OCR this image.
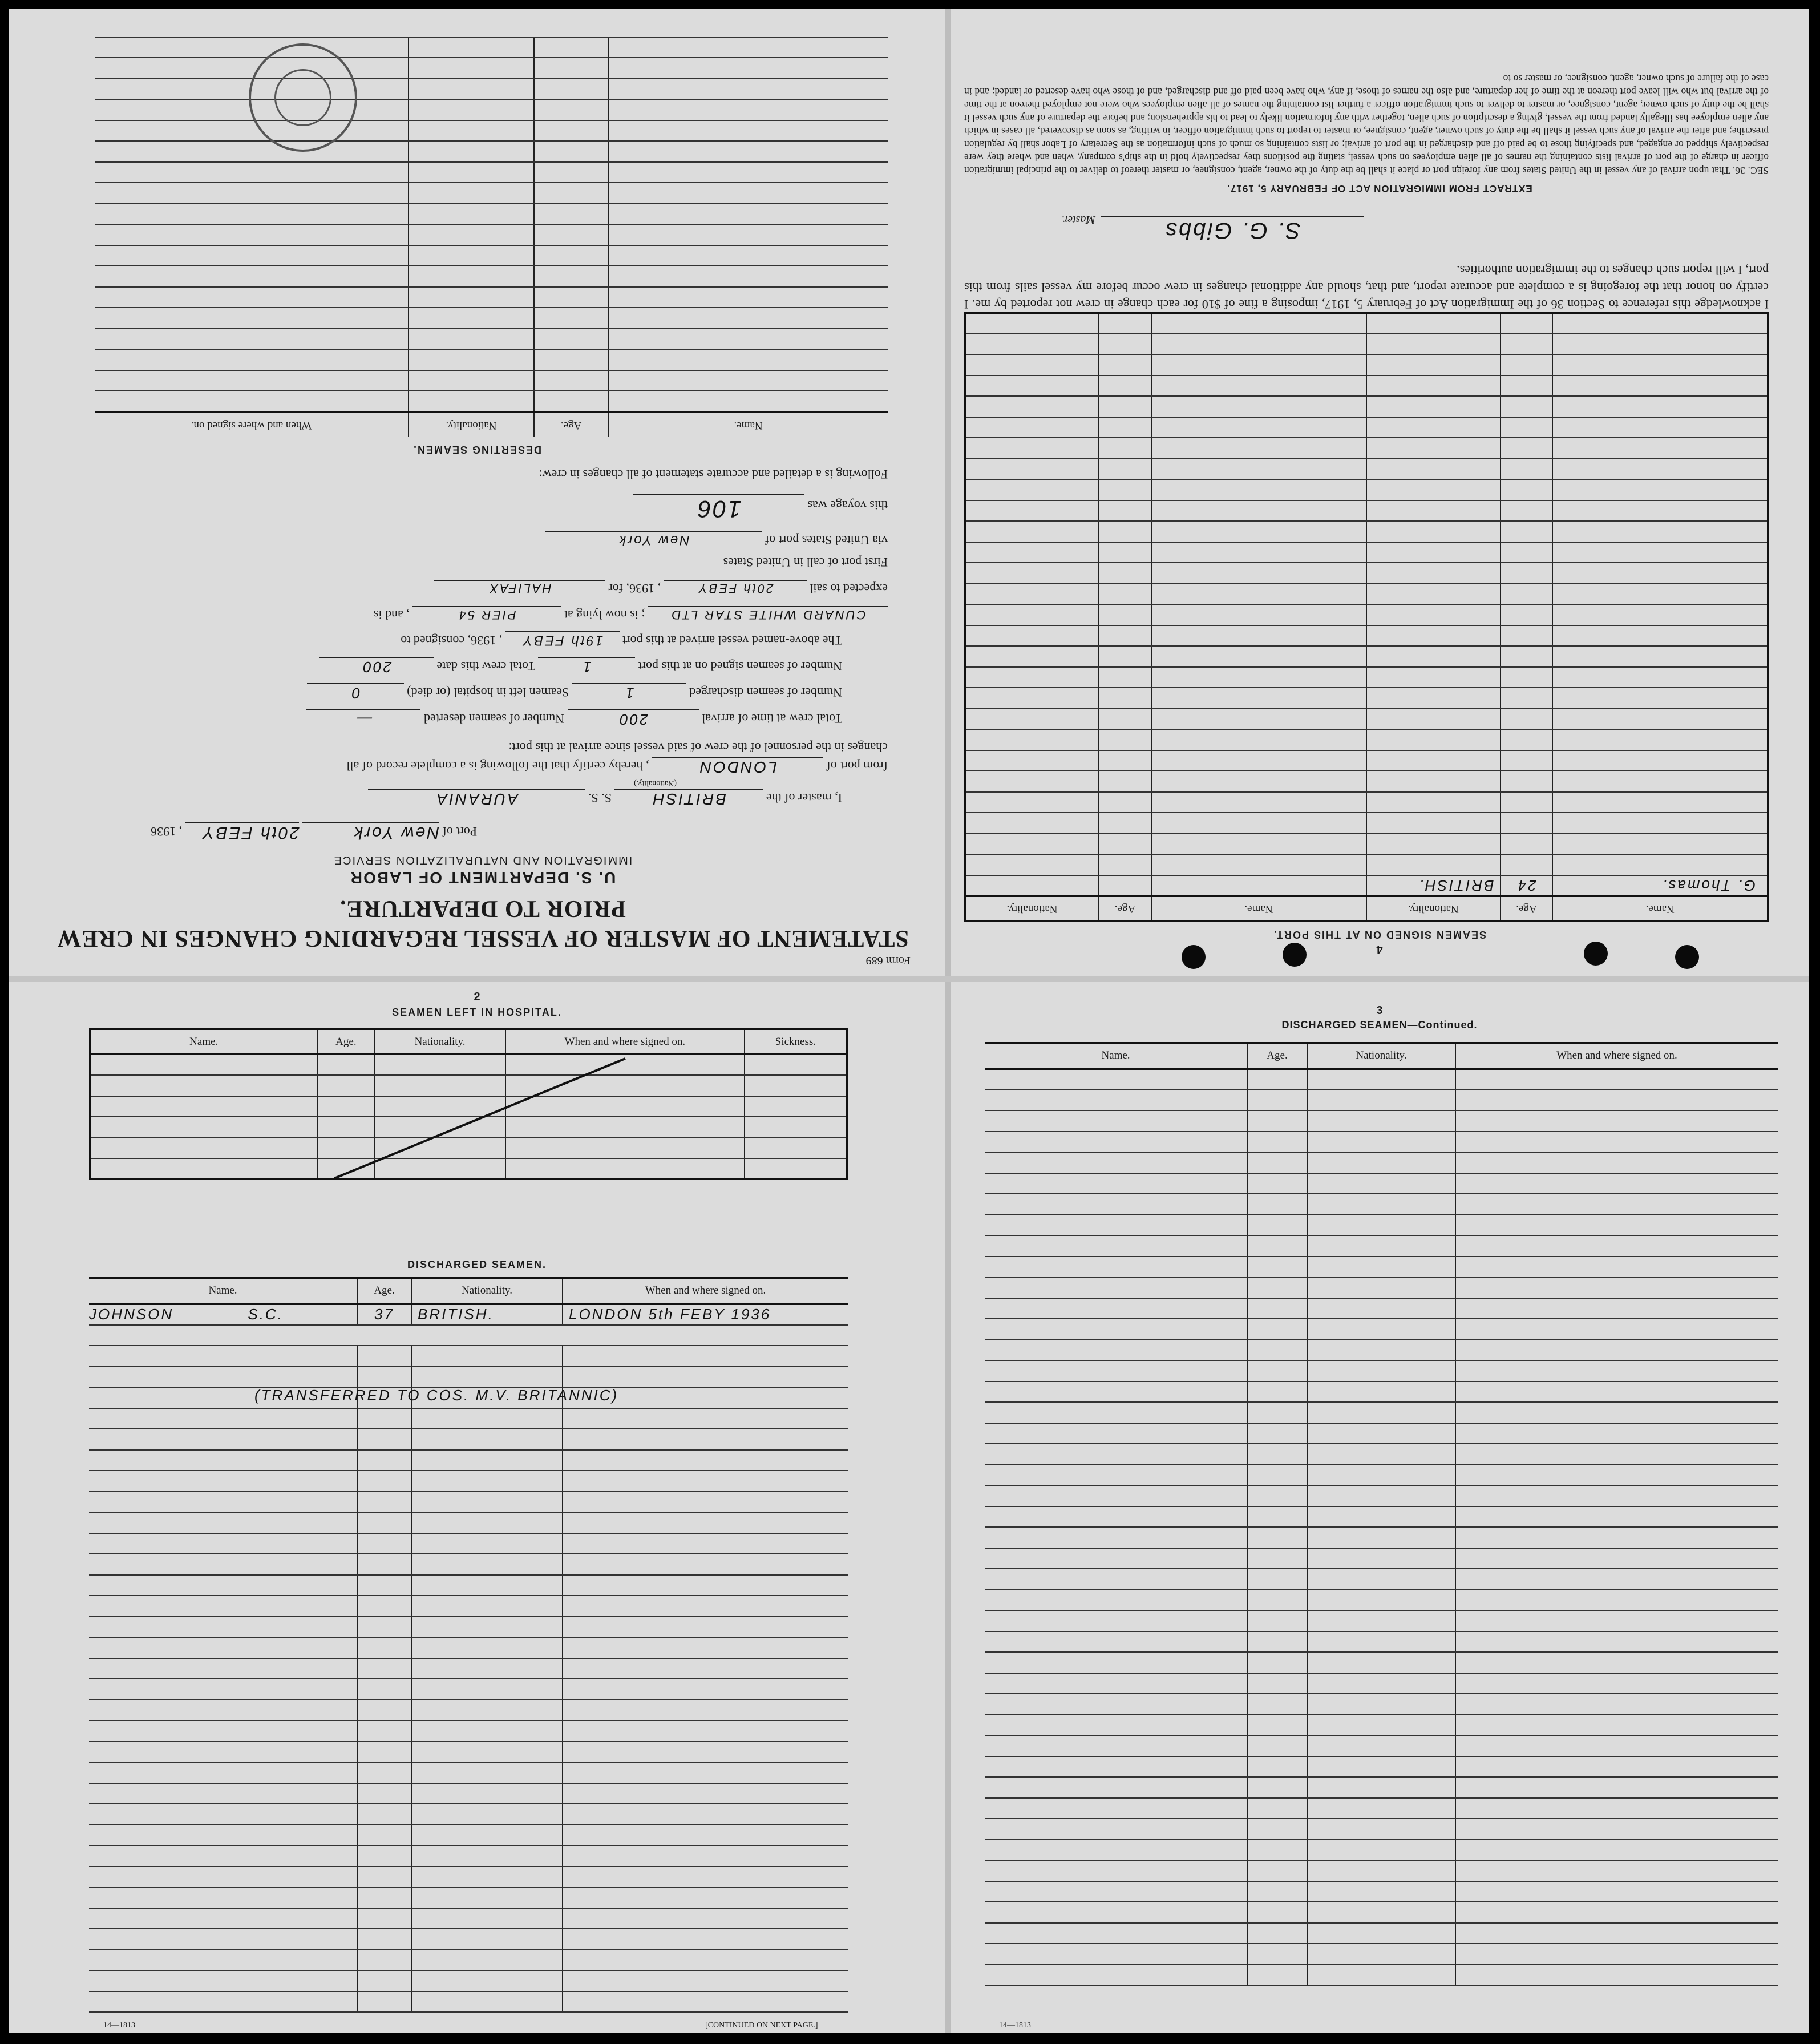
Form 689
STATEMENT OF MASTER OF VESSEL REGARDING CHANGES IN CREW
PRIOR TO DEPARTURE.
U. S. DEPARTMENT OF LABOR
IMMIGRATION AND NATURALIZATION SERVICE
Port of New York 20th FEBY , 1936
I, master of the BRITISH S. S. AURANIA
(Nationality.)
from port of LONDON , hereby certify that the following is a complete record of all
changes in the personnel of the crew of said vessel since arrival at this port:
Total crew at time of arrival 200 Number of seamen deserted —
Number of seamen discharged 1 Seamen left in hospital (or died) 0
Number of seamen signed on at this port 1 Total crew this date 200
The above-named vessel arrived at this port 19th FEBY , 1936, consigned to
CUNARD WHITE STAR LTD ; is now lying at PIER 54 , and is
expected to sail 20th FEBY , 1936, for HALIFAX
First port of call in United States
via United States port of New York
this voyage was 106
Following is a detailed and accurate statement of all changes in crew:
DESERTING SEAMEN.
Name.	Age.	Nationality.	When and where signed on.

4
SEAMEN SIGNED ON AT THIS PORT.
Name.	Age.	Nationality.	Name.	Age.	Nationality.
G. Thomas.	24	BRITISH.			

I acknowledge this reference to Section 36 of the Immigration Act of February 5, 1917, imposing a fine of $10 for each change in crew not reported by me. I certify on honor that the foregoing is a complete and accurate report, and that, should any additional changes in crew occur before my vessel sails from this port, I will report such changes to the immigration authorities.
S. G. Gibbs
Master.
EXTRACT FROM IMMIGRATION ACT OF FEBRUARY 5, 1917.
SEC. 36. That upon arrival of any vessel in the United States from any foreign port or place it shall be the duty of the owner, agent, consignee, or master thereof to deliver to the principal immigration officer in charge of the port of arrival lists containing the names of all alien employees on such vessel, stating the positions they respectively hold in the ship's company, when and where they were respectively shipped or engaged, and specifying those to be paid off and discharged in the port of arrival; or lists containing so much of such information as the Secretary of Labor shall by regulation prescribe; and after the arrival of any such vessel it shall be the duty of such owner, agent, consignee, or master to report to such immigration officer, in writing, as soon as discovered, all cases in which any alien employee has illegally landed from the vessel, giving a description of such alien, together with any information likely to lead to his apprehension; and before the departure of any such vessel it shall be the duty of such owner, agent, consignee, or master to deliver to such immigration officer a further list containing the names of all alien employees who were not employed thereon at the time of the arrival but who will leave port thereon at the time of her departure, and also the names of those, if any, who have been paid off and discharged, and of those who have deserted or landed; and in case of the failure of such owner, agent, consignee, or master so to
2
SEAMEN LEFT IN HOSPITAL.
Name.	Age.	Nationality.	When and where signed on.	Sickness.

DISCHARGED SEAMEN.
Name.	Age.	Nationality.	When and where signed on.
JOHNSON S.C.	37	BRITISH.	LONDON 5th FEBY 1936

(TRANSFERRED TO COS. M.V. BRITANNIC)
14—1813	[CONTINUED ON NEXT PAGE.]
3
DISCHARGED SEAMEN—Continued.
Name.	Age.	Nationality.	When and where signed on.

14—1813
